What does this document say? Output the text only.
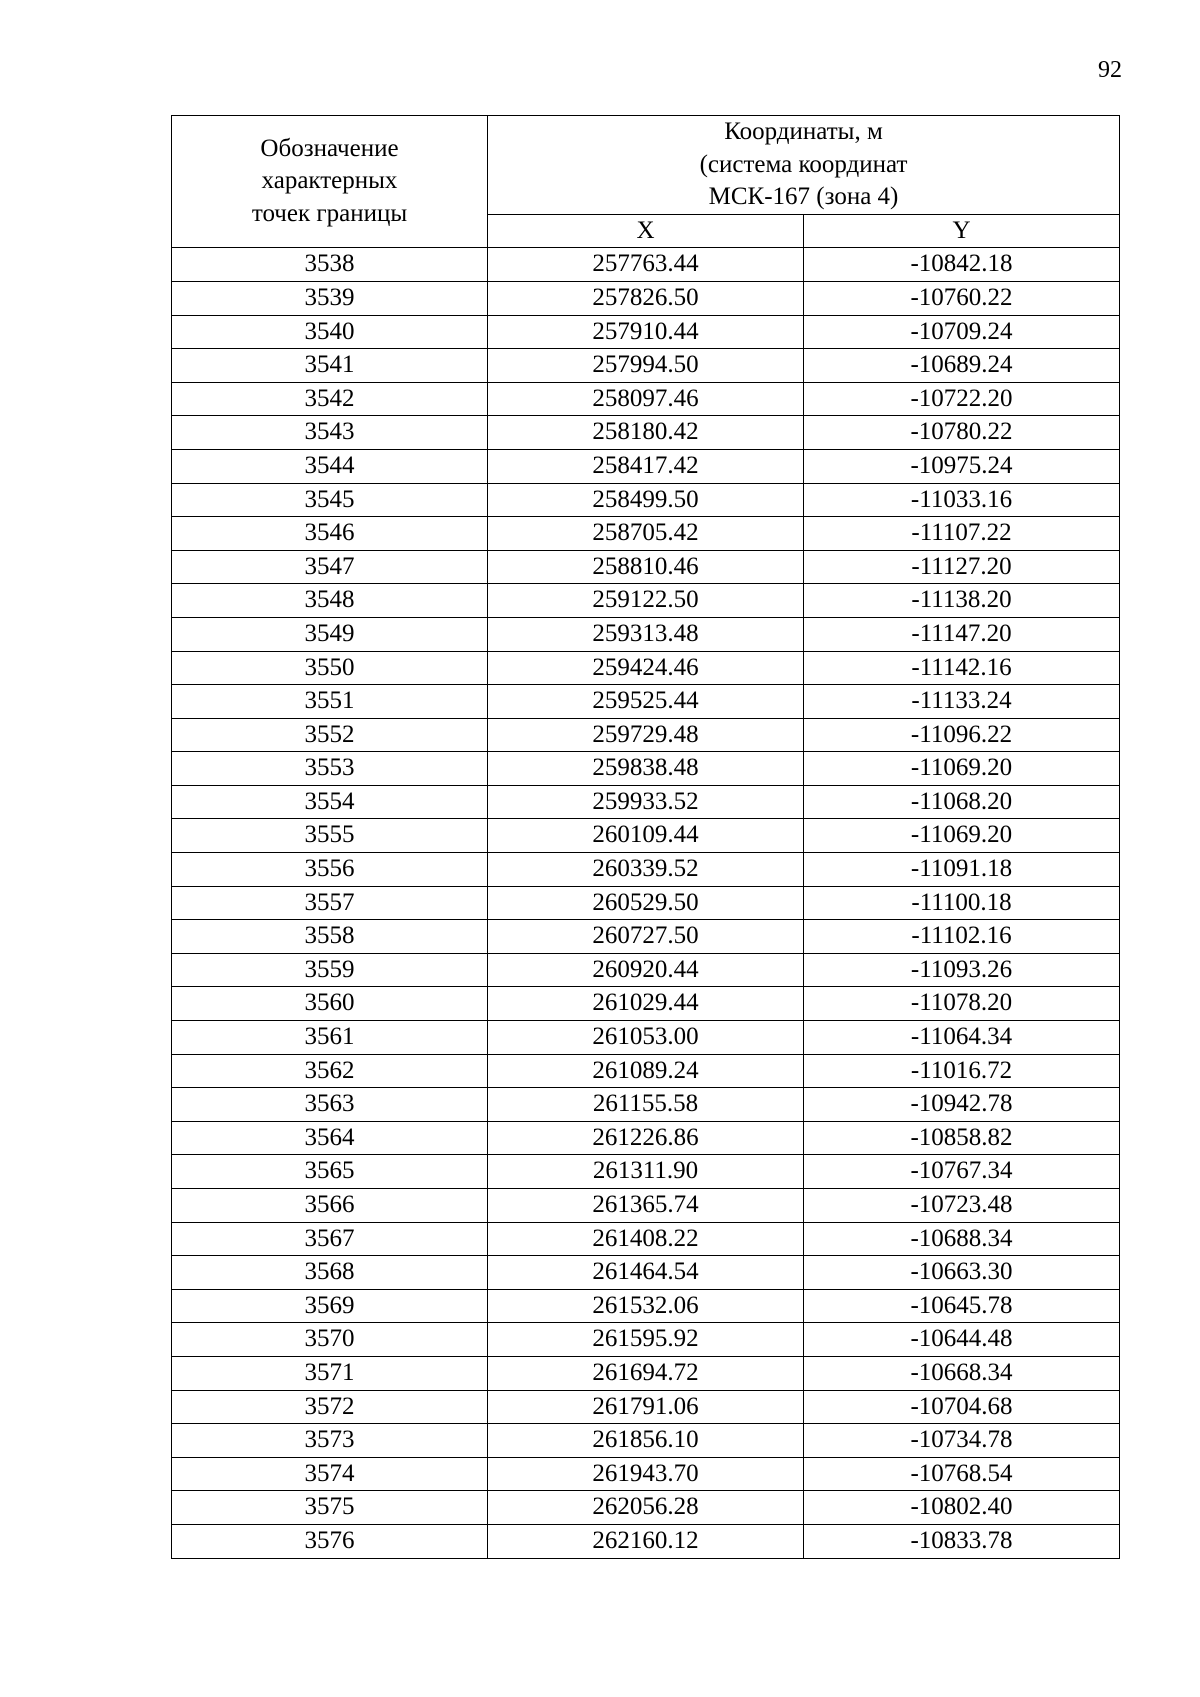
92
Обозначение
характерных
точек границы	Координаты, м
(система координат
МСК-167 (зона 4)	

	X	Y
3538	257763.44	-10842.18
3539	257826.50	-10760.22
3540	257910.44	-10709.24
3541	257994.50	-10689.24
3542	258097.46	-10722.20
3543	258180.42	-10780.22
3544	258417.42	-10975.24
3545	258499.50	-11033.16
3546	258705.42	-11107.22
3547	258810.46	-11127.20
3548	259122.50	-11138.20
3549	259313.48	-11147.20
3550	259424.46	-11142.16
3551	259525.44	-11133.24
3552	259729.48	-11096.22
3553	259838.48	-11069.20
3554	259933.52	-11068.20
3555	260109.44	-11069.20
3556	260339.52	-11091.18
3557	260529.50	-11100.18
3558	260727.50	-11102.16
3559	260920.44	-11093.26
3560	261029.44	-11078.20
3561	261053.00	-11064.34
3562	261089.24	-11016.72
3563	261155.58	-10942.78
3564	261226.86	-10858.82
3565	261311.90	-10767.34
3566	261365.74	-10723.48
3567	261408.22	-10688.34
3568	261464.54	-10663.30
3569	261532.06	-10645.78
3570	261595.92	-10644.48
3571	261694.72	-10668.34
3572	261791.06	-10704.68
3573	261856.10	-10734.78
3574	261943.70	-10768.54
3575	262056.28	-10802.40
3576	262160.12	-10833.78
